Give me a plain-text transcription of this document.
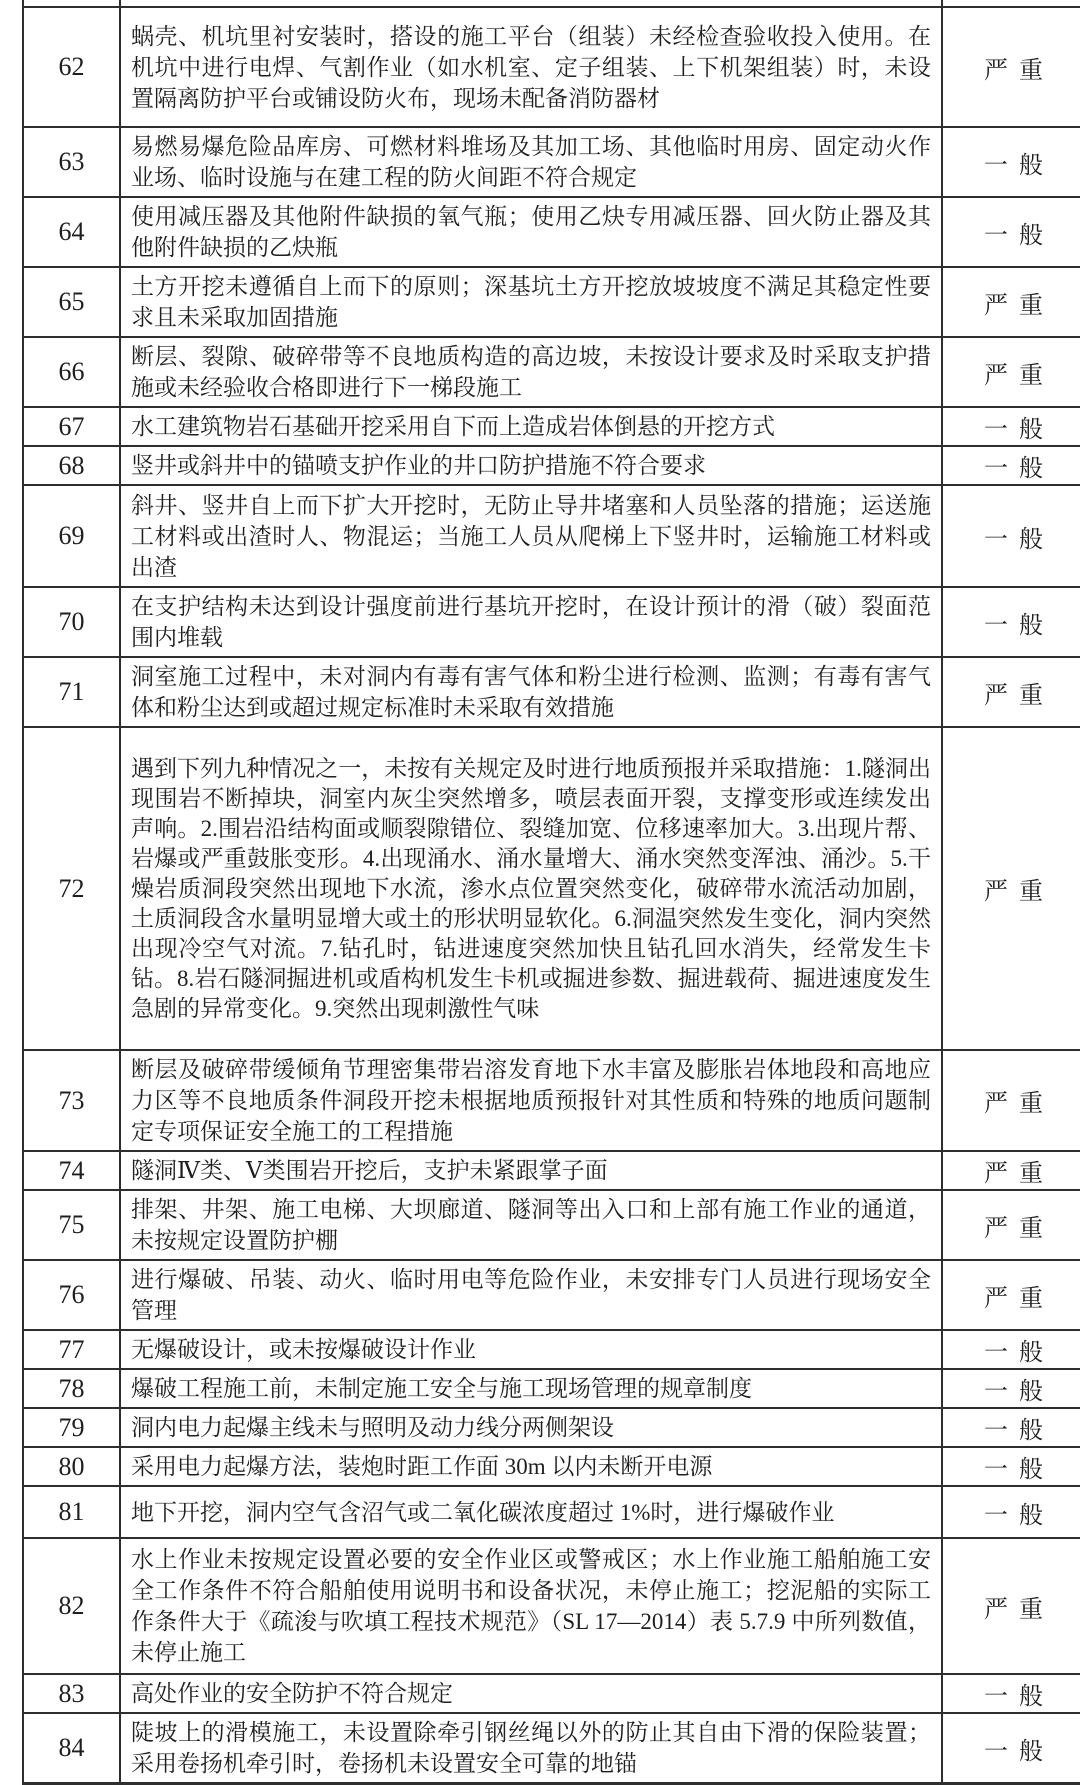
62	蜗壳、机坑里衬安装时，搭设的施工平台（组装）未经检查验收投入使用。在机坑中进行电焊、气割作业（如水机室、定子组装、上下机架组装）时，未设置隔离防护平台或铺设防火布，现场未配备消防器材	严重
63	易燃易爆危险品库房、可燃材料堆场及其加工场、其他临时用房、固定动火作业场、临时设施与在建工程的防火间距不符合规定	一般
64	使用减压器及其他附件缺损的氧气瓶；使用乙炔专用减压器、回火防止器及其他附件缺损的乙炔瓶	一般
65	土方开挖未遵循自上而下的原则；深基坑土方开挖放坡坡度不满足其稳定性要求且未采取加固措施	严重
66	断层、裂隙、破碎带等不良地质构造的高边坡，未按设计要求及时采取支护措施或未经验收合格即进行下一梯段施工	严重
67	水工建筑物岩石基础开挖采用自下而上造成岩体倒悬的开挖方式	一般
68	竖井或斜井中的锚喷支护作业的井口防护措施不符合要求	一般
69	斜井、竖井自上而下扩大开挖时，无防止导井堵塞和人员坠落的措施；运送施工材料或出渣时人、物混运；当施工人员从爬梯上下竖井时，运输施工材料或出渣	一般
70	在支护结构未达到设计强度前进行基坑开挖时，在设计预计的滑（破）裂面范围内堆载	一般
71	洞室施工过程中，未对洞内有毒有害气体和粉尘进行检测、监测；有毒有害气体和粉尘达到或超过规定标准时未采取有效措施	严重
72	遇到下列九种情况之一，未按有关规定及时进行地质预报并采取措施：1.隧洞出现围岩不断掉块，洞室内灰尘突然增多，喷层表面开裂，支撑变形或连续发出声响。2.围岩沿结构面或顺裂隙错位、裂缝加宽、位移速率加大。3.出现片帮、岩爆或严重鼓胀变形。4.出现涌水、涌水量增大、涌水突然变浑浊、涌沙。5.干燥岩质洞段突然出现地下水流，渗水点位置突然变化，破碎带水流活动加剧，土质洞段含水量明显增大或土的形状明显软化。6.洞温突然发生变化，洞内突然出现冷空气对流。7.钻孔时，钻进速度突然加快且钻孔回水消失，经常发生卡钻。8.岩石隧洞掘进机或盾构机发生卡机或掘进参数、掘进载荷、掘进速度发生急剧的异常变化。9.突然出现刺激性气味	严重
73	断层及破碎带缓倾角节理密集带岩溶发育地下水丰富及膨胀岩体地段和高地应力区等不良地质条件洞段开挖未根据地质预报针对其性质和特殊的地质问题制定专项保证安全施工的工程措施	严重
74	隧洞Ⅳ类、Ⅴ类围岩开挖后，支护未紧跟掌子面	严重
75	排架、井架、施工电梯、大坝廊道、隧洞等出入口和上部有施工作业的通道，未按规定设置防护棚	严重
76	进行爆破、吊装、动火、临时用电等危险作业，未安排专门人员进行现场安全管理	严重
77	无爆破设计，或未按爆破设计作业	一般
78	爆破工程施工前，未制定施工安全与施工现场管理的规章制度	一般
79	洞内电力起爆主线未与照明及动力线分两侧架设	一般
80	采用电力起爆方法，装炮时距工作面 30m 以内未断开电源	一般
81	地下开挖，洞内空气含沼气或二氧化碳浓度超过 1%时，进行爆破作业	一般
82	水上作业未按规定设置必要的安全作业区或警戒区；水上作业施工船舶施工安全工作条件不符合船舶使用说明书和设备状况，未停止施工；挖泥船的实际工作条件大于《疏浚与吹填工程技术规范》（SL 17—2014）表 5.7.9 中所列数值，未停止施工	严重
83	高处作业的安全防护不符合规定	一般
84	陡坡上的滑模施工，未设置除牵引钢丝绳以外的防止其自由下滑的保险装置；采用卷扬机牵引时，卷扬机未设置安全可靠的地锚	一般
